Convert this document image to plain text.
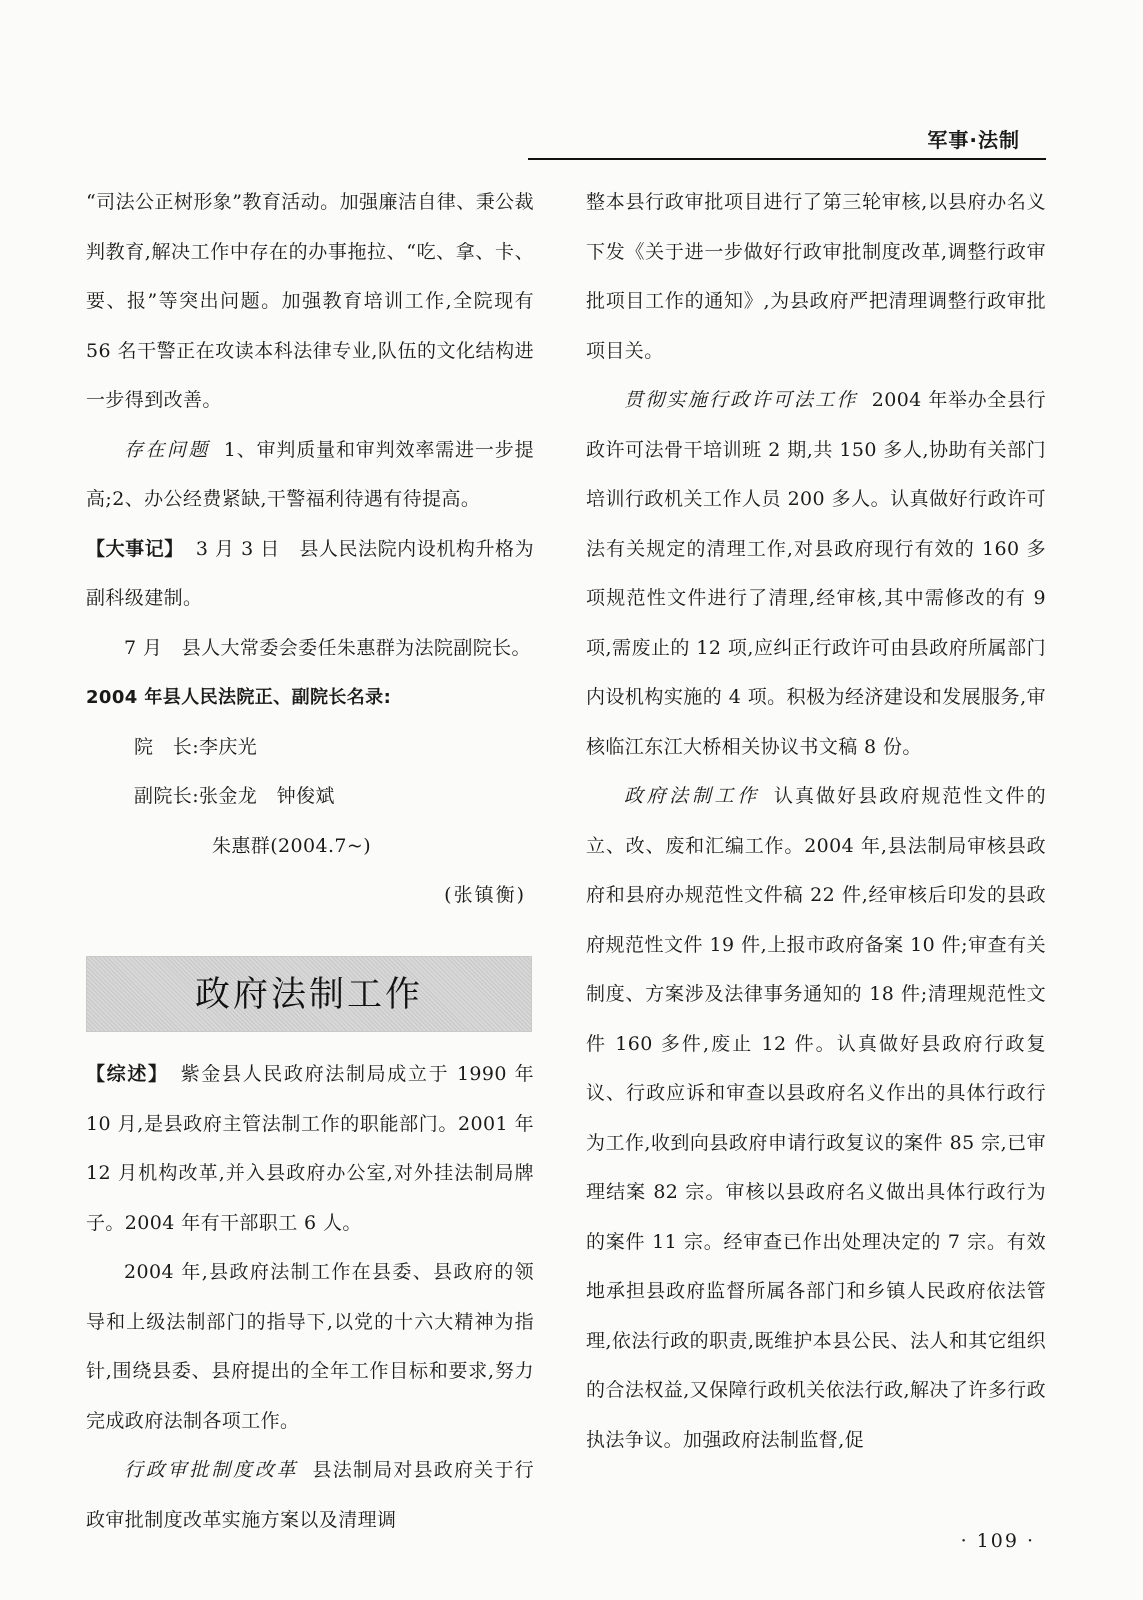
军事·法制

“司法公正树形象”教育活动。加强廉洁自律、秉公裁判教育,解决工作中存在的办事拖拉、“吃、拿、卡、要、报”等突出问题。加强教育培训工作,全院现有 56 名干警正在攻读本科法律专业,队伍的文化结构进一步得到改善。

存在问题 1、审判质量和审判效率需进一步提高;2、办公经费紧缺,干警福利待遇有待提高。

【大事记】 3 月 3 日　县人民法院内设机构升格为副科级建制。

7 月　县人大常委会委任朱惠群为法院副院长。

2004 年县人民法院正、副院长名录:

院　长:李庆光

副院长:张金龙　钟俊斌

朱惠群(2004.7~)

(张镇衡)

政府法制工作

【综述】 紫金县人民政府法制局成立于 1990 年 10 月,是县政府主管法制工作的职能部门。2001 年 12 月机构改革,并入县政府办公室,对外挂法制局牌子。2004 年有干部职工 6 人。

2004 年,县政府法制工作在县委、县政府的领导和上级法制部门的指导下,以党的十六大精神为指针,围绕县委、县府提出的全年工作目标和要求,努力完成政府法制各项工作。

行政审批制度改革 县法制局对县政府关于行政审批制度改革实施方案以及清理调

整本县行政审批项目进行了第三轮审核,以县府办名义下发《关于进一步做好行政审批制度改革,调整行政审批项目工作的通知》,为县政府严把清理调整行政审批项目关。

贯彻实施行政许可法工作 2004 年举办全县行政许可法骨干培训班 2 期,共 150 多人,协助有关部门培训行政机关工作人员 200 多人。认真做好行政许可法有关规定的清理工作,对县政府现行有效的 160 多项规范性文件进行了清理,经审核,其中需修改的有 9 项,需废止的 12 项,应纠正行政许可由县政府所属部门内设机构实施的 4 项。积极为经济建设和发展服务,审核临江东江大桥相关协议书文稿 8 份。

政府法制工作 认真做好县政府规范性文件的立、改、废和汇编工作。2004 年,县法制局审核县政府和县府办规范性文件稿 22 件,经审核后印发的县政府规范性文件 19 件,上报市政府备案 10 件;审查有关制度、方案涉及法律事务通知的 18 件;清理规范性文件 160 多件,废止 12 件。认真做好县政府行政复议、行政应诉和审查以县政府名义作出的具体行政行为工作,收到向县政府申请行政复议的案件 85 宗,已审理结案 82 宗。审核以县政府名义做出具体行政行为的案件 11 宗。经审查已作出处理决定的 7 宗。有效地承担县政府监督所属各部门和乡镇人民政府依法管理,依法行政的职责,既维护本县公民、法人和其它组织的合法权益,又保障行政机关依法行政,解决了许多行政执法争议。加强政府法制监督,促

· 109 ·
